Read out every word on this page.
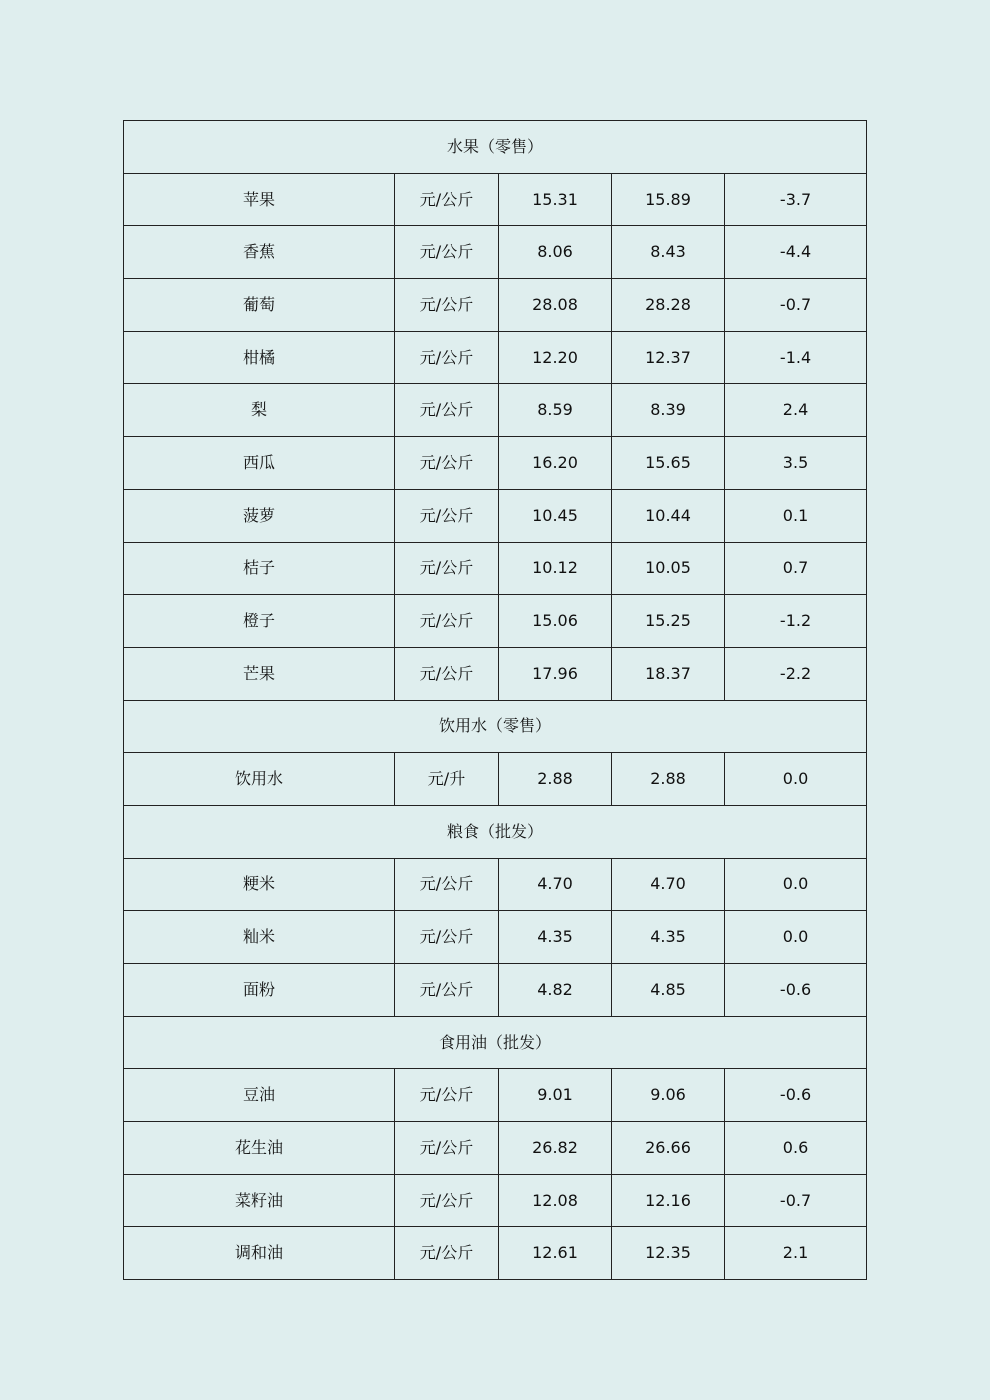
水果（零售）				
苹果	元/公斤	15.31	15.89	-3.7
香蕉	元/公斤	8.06	8.43	-4.4
葡萄	元/公斤	28.08	28.28	-0.7
柑橘	元/公斤	12.20	12.37	-1.4
梨	元/公斤	8.59	8.39	2.4
西瓜	元/公斤	16.20	15.65	3.5
菠萝	元/公斤	10.45	10.44	0.1
桔子	元/公斤	10.12	10.05	0.7
橙子	元/公斤	15.06	15.25	-1.2
芒果	元/公斤	17.96	18.37	-2.2
饮用水（零售）				
饮用水	元/升	2.88	2.88	0.0
粮食（批发）				
粳米	元/公斤	4.70	4.70	0.0
籼米	元/公斤	4.35	4.35	0.0
面粉	元/公斤	4.82	4.85	-0.6
食用油（批发）				
豆油	元/公斤	9.01	9.06	-0.6
花生油	元/公斤	26.82	26.66	0.6
菜籽油	元/公斤	12.08	12.16	-0.7
调和油	元/公斤	12.61	12.35	2.1
